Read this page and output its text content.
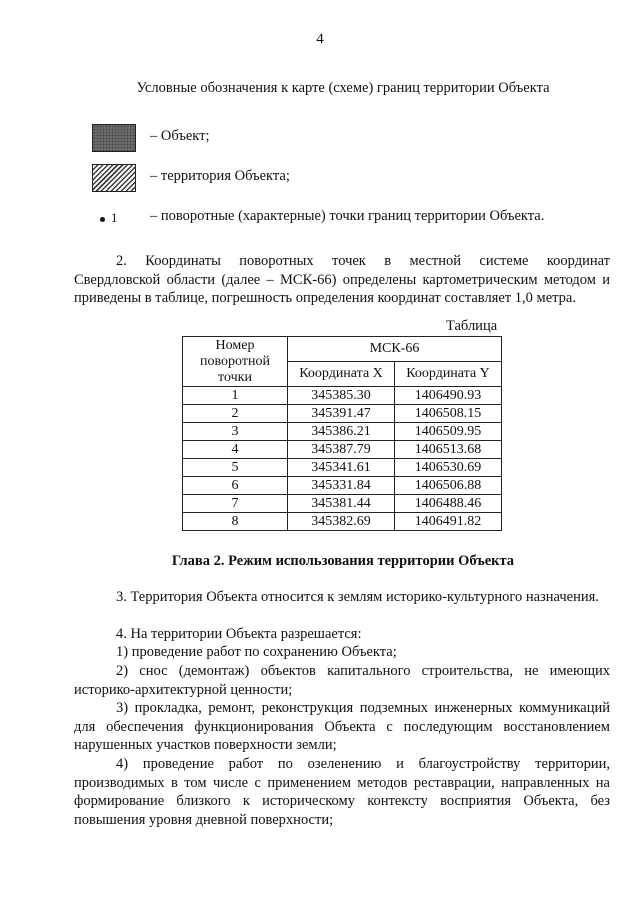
4
Условные обозначения к карте (схеме) границ территории Объекта
– Объект;
– территория Объекта;
1 – поворотные (характерные) точки границ территории Объекта.
2. Координаты поворотных точек в местной системе координат
Свердловской области (далее – МСК-66) определены картометрическим методом и приведены в таблице, погрешность определения координат составляет 1,0 метра.
Таблица
Номер поворотной точки	МСК-66	
	Координата X	Координата Y
1	345385.30	1406490.93
2	345391.47	1406508.15
3	345386.21	1406509.95
4	345387.79	1406513.68
5	345341.61	1406530.69
6	345331.84	1406506.88
7	345381.44	1406488.46
8	345382.69	1406491.82
Глава 2. Режим использования территории Объекта
3. Территория Объекта относится к землям историко-культурного назначения.
4. На территории Объекта разрешается:
1) проведение работ по сохранению Объекта;
2) снос (демонтаж) объектов капитального строительства, не имеющих историко-архитектурной ценности;
3) прокладка, ремонт, реконструкция подземных инженерных коммуникаций для обеспечения функционирования Объекта с последующим восстановлением нарушенных участков поверхности земли;
4) проведение работ по озеленению и благоустройству территории, производимых в том числе с применением методов реставрации, направленных на формирование близкого к историческому контексту восприятия Объекта, без повышения уровня дневной поверхности;
